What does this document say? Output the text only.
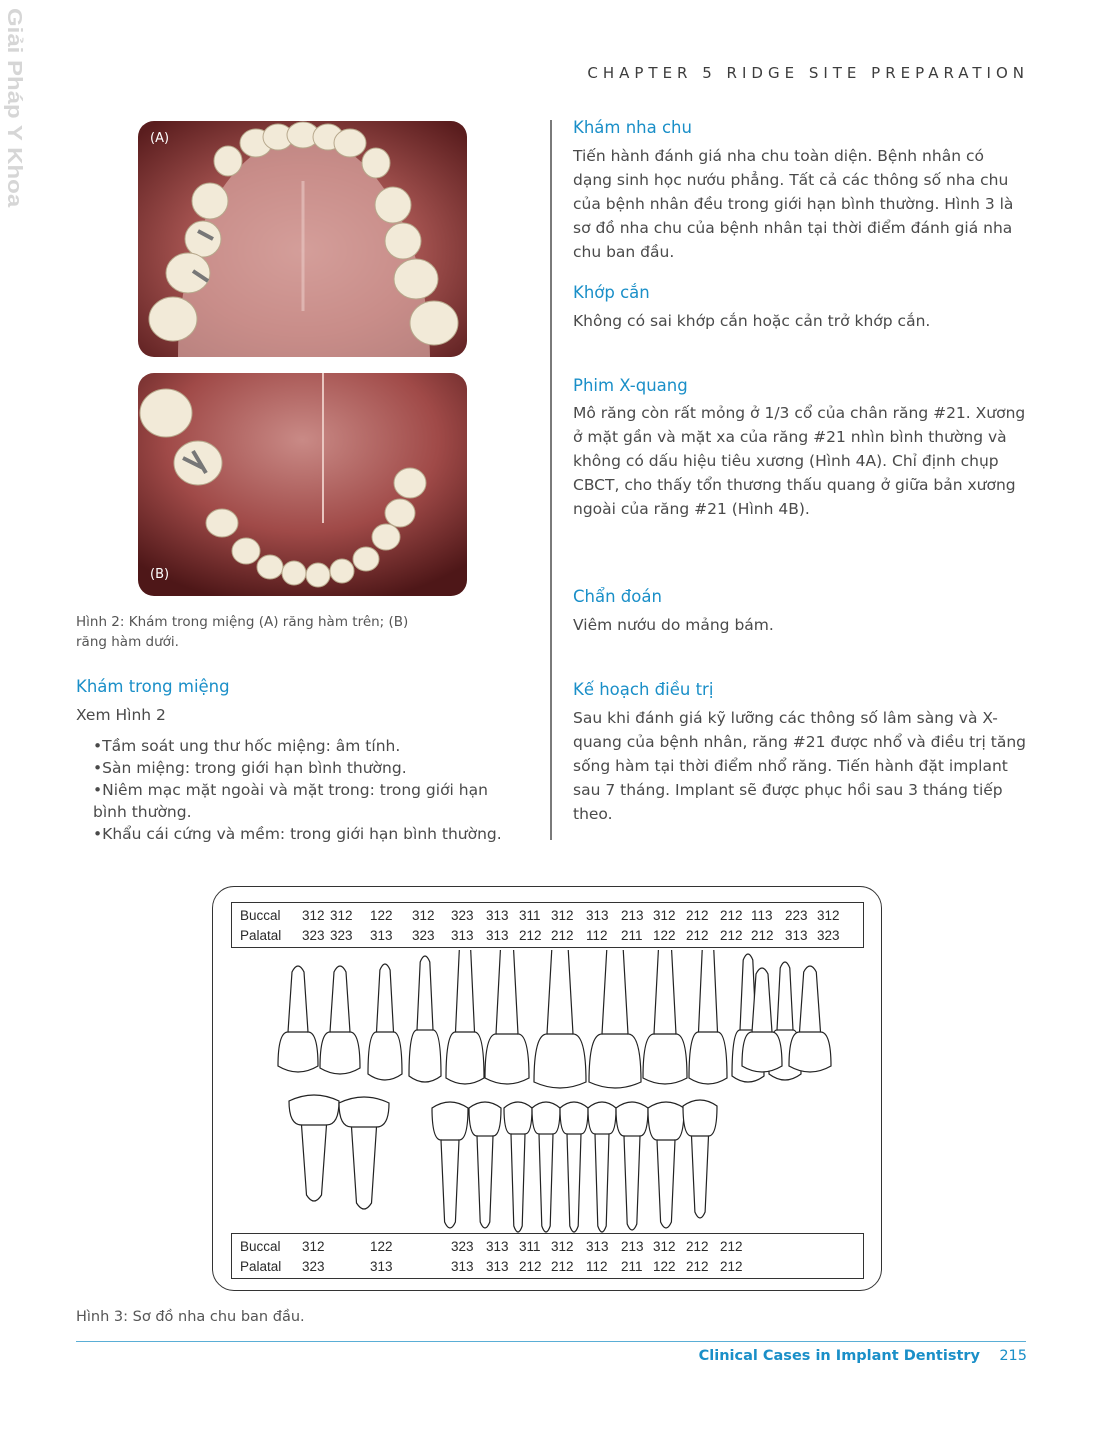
Giải Pháp Y Khoa	CHAPTER 5 RIDGE SITE PREPARATION
(A)
(B)
Hình 2: Khám trong miệng (A) răng hàm trên; (B)
răng hàm dưới.
Khám trong miệng
Xem Hình 2
• Tầm soát ung thư hốc miệng: âm tính.
• Sàn miệng: trong giới hạn bình thường.
• Niêm mạc mặt ngoài và mặt trong: trong giới hạn bình thường.
• Khẩu cái cứng và mềm: trong giới hạn bình thường.
Khám nha chu
Tiến hành đánh giá nha chu toàn diện. Bệnh nhân có dạng sinh học nướu phẳng. Tất cả các thông số nha chu của bệnh nhân đều trong giới hạn bình thường. Hình 3 là sơ đồ nha chu của bệnh nhân tại thời điểm đánh giá nha chu ban đầu.
Khớp cắn
Không có sai khớp cắn hoặc cản trở khớp cắn.
Phim X-quang
Mô răng còn rất mỏng ở 1/3 cổ của chân răng #21. Xương ở mặt gần và mặt xa của răng #21 nhìn bình thường và không có dấu hiệu tiêu xương (Hình 4A). Chỉ định chụp CBCT, cho thấy tổn thương thấu quang ở giữa bản xương ngoài của răng #21 (Hình 4B).
Chẩn đoán
Viêm nướu do mảng bám.
Kế hoạch điều trị
Sau khi đánh giá kỹ lưỡng các thông số lâm sàng và X-quang của bệnh nhân, răng #21 được nhổ và điều trị tăng sống hàm tại thời điểm nhổ răng. Tiến hành đặt implant sau 7 tháng. Implant sẽ được phục hồi sau 3 tháng tiếp theo.
Buccal 312 312 122 312 323 313 311 312 313 213 312 212 212 113 223 312
Palatal 323 323 313 323 313 313 212 212 112 211 122 212 212 212 313 323
Buccal 312	122	323 313 311 312 313 213 312 212 212
Palatal 323	313	313 313 212 212 112 211 122 212 212
Hình 3: Sơ đồ nha chu ban đầu.
Clinical Cases in Implant Dentistry 215
